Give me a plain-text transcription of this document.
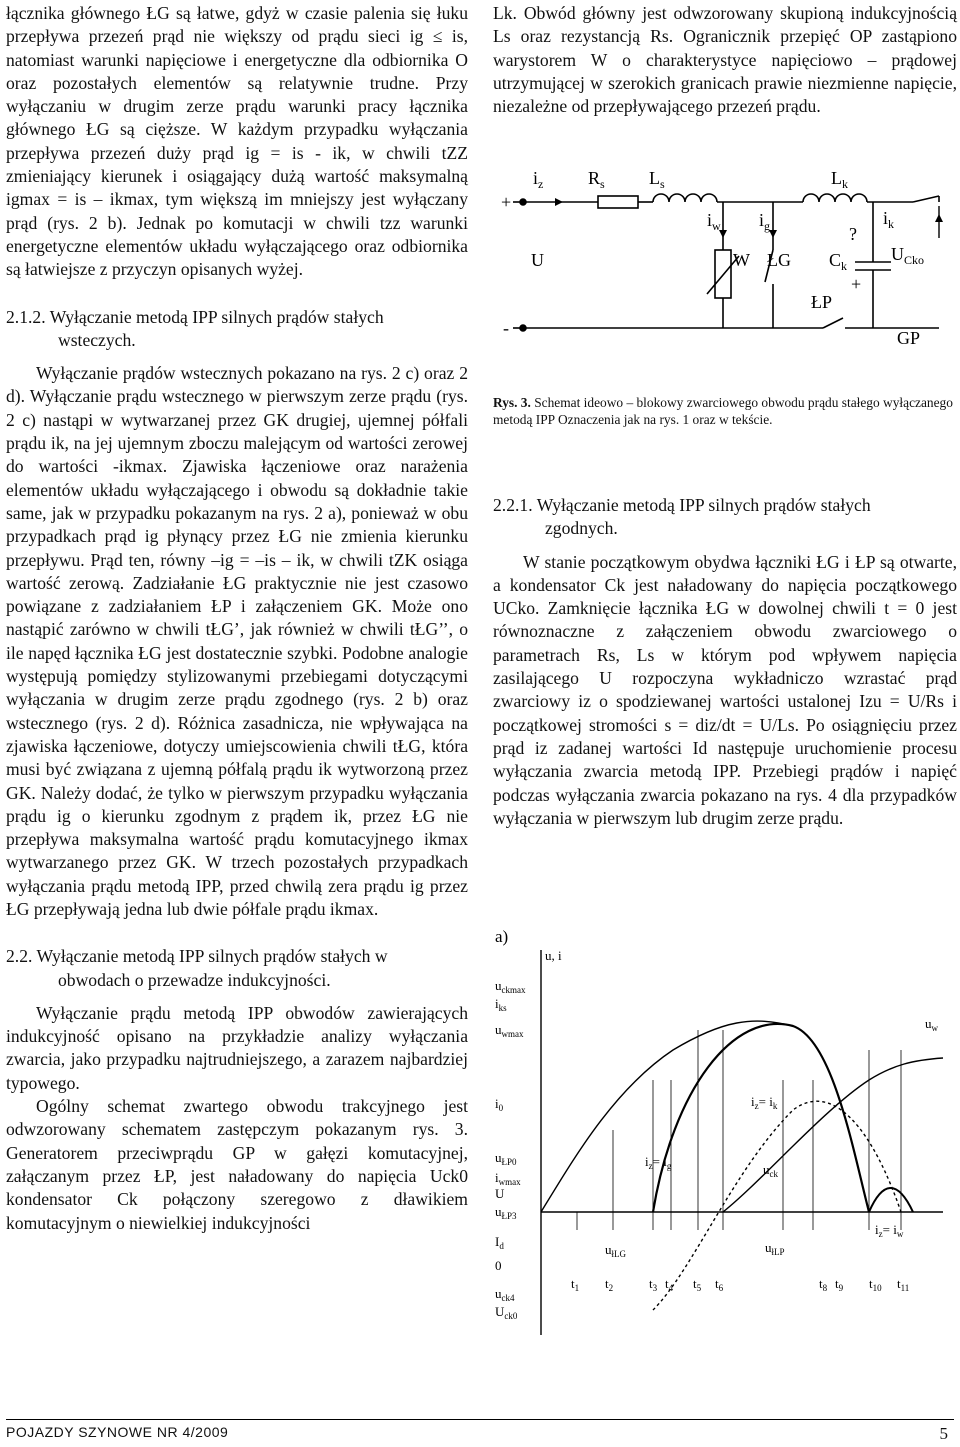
łącznika głównego ŁG są łatwe, gdyż w czasie palenia się łuku przepływa przezeń prąd nie większy od prądu sieci ig ≤ is, natomiast warunki napięciowe i energetyczne dla odbiornika O oraz pozostałych elementów są relatywnie trudne. Przy wyłączaniu w drugim zerze prądu warunki pracy łącznika głównego ŁG są cięższe. W każdym przypadku wyłączania przepływa przezeń duży prąd ig = is - ik, w chwili tZZ zmieniający kierunek i osiągający dużą wartość maksymalną igmax = is – ikmax, tym większą im mniejszy jest wyłączany prąd (rys. 2 b). Jednak po komutacji w chwili tzz warunki energetyczne elementów układu wyłączającego oraz odbiornika są łatwiejsze z przyczyn opisanych wyżej.

2.1.2. Wyłączanie metodą IPP silnych prądów stałych
wsteczych.

Wyłączanie prądów wstecznych pokazano na rys. 2 c) oraz 2 d). Wyłączanie prądu wstecznego w pierwszym zerze prądu (rys. 2 c) nastąpi w wytwarzanej przez GK drugiej, ujemnej półfali prądu ik, na jej ujemnym zboczu malejącym od wartości zerowej do wartości -ikmax. Zjawiska łączeniowe oraz narażenia elementów układu wyłączającego i obwodu są dokładnie takie same, jak w przypadku pokazanym na rys. 2 a), ponieważ w obu przypadkach prąd ig płynący przez ŁG nie zmienia kierunku przepływu. Prąd ten, równy –ig = –is – ik, w chwili tZK osiąga wartość zerową. Zadziałanie ŁG praktycznie nie jest czasowo powiązane z zadziałaniem ŁP i załączeniem GK. Może ono nastąpić zarówno w chwili tŁG’, jak również w chwili tŁG’’, o ile napęd łącznika ŁG jest dostatecznie szybki. Podobne analogie występują pomiędzy stylizowanymi przebiegami dotyczącymi wyłączania w drugim zerze prądu zgodnego (rys. 2 b) oraz wstecznego (rys. 2 d). Różnica zasadnicza, nie wpływająca na zjawiska łączeniowe, dotyczy umiejscowienia chwili tŁG, która musi być związana z ujemną półfalą prądu ik wytworzoną przez GK. Należy dodać, że tylko w pierwszym przypadku wyłączania prądu ig o kierunku zgodnym z prądem ik, przez ŁG nie przepływa maksymalna wartość prądu komutacyjnego ikmax wytwarzanego przez GK. W trzech pozostałych przypadkach wyłączania prądu metodą IPP, przed chwilą zera prądu ig przez ŁG przepływają jedna lub dwie półfale prądu ikmax.

2.2. Wyłączanie metodą IPP silnych prądów stałych w
obwodach o przewadze indukcyjności.

Wyłączanie prądu metodą IPP obwodów zawierających indukcyjność opisano na przykładzie analizy wyłączania zwarcia, jako przypadku najtrudniejszego, a zarazem najbardziej typowego.

Ogólny schemat zwartego obwodu trakcyjnego jest odwzorowany schematem zastępczym pokazanym rys. 3. Generatorem przeciwprądu GP w gałęzi komutacyjnej, załączanym przez ŁP, jest naładowany do napięcia Uck0 kondensator Ck połączony szeregowo z dławikiem komutacyjnym o niewielkiej indukcyjności

Lk. Obwód główny jest odwzorowany skupioną indukcyjnością Ls oraz rezystancją Rs. Ogranicznik przepięć OP zastąpiono warystorem W o charakterystyce napięciowo – prądowej utrzymującej w szerokich granicach prawie niezmienne napięcie, niezależne od przepływającego przezeń prądu.

+
-
$i_z$ $R_s$ $L_s$	$L_k$
$i_w$ $i_g$	?
$i_k$
U	W ŁG $C_k$
$U_{Cko}$
ŁP
+
GP
Rys. 3. Schemat ideowo – blokowy zwarciowego obwodu prądu stałego wyłączanego metodą IPP Oznaczenia jak na rys. 1 oraz w tekście.

2.2.1. Wyłączanie metodą IPP silnych prądów stałych
zgodnych.

W stanie początkowym obydwa łączniki ŁG i ŁP są otwarte, a kondensator Ck jest naładowany do napięcia początkowego UCko. Zamknięcie łącznika ŁG w dowolnej chwili t = 0 jest równoznaczne z załączeniem obwodu zwarciowego o parametrach Rs, Ls w którym pod wpływem napięcia zasilającego U rozpoczyna wykładniczo wzrastać prąd zwarciowy iz o spodziewanej wartości ustalonej Izu = U/Rs i początkowej stromości s = diz/dt = U/Ls. Po osiągnięciu przez prąd iz zadanej wartości Id następuje uruchomienie procesu wyłączania zwarcia metodą IPP. Przebiegi prądów i napięć podczas wyłączania zwarcia pokazano na rys. 4 dla przypadków wyłączania w pierwszym lub drugim zerze prądu.

a)
u, i
$u_{ckmax}$
$i_{ks}$
$u_{wmax}$
$i_0$
$u_{ŁP0}$
$i_{wmax}$
U
$u_{ŁP3}$
$I_d$
0
$u_{ck4}$
$U_{ck0}$
$u_w$
$i_z= i_k$
$i_z= i_g$	$u_{ck}$
$i_z= i_w$
$u_{łLG}$	$u_{łLP}$
$t_1$ $t_2$	$t_3$ $t_4$ $t_5$ $t_6$	$t_8$ $t_9$ $t_{10}$ $t_{11}$
POJAZDY SZYNOWE NR 4/2009	5
